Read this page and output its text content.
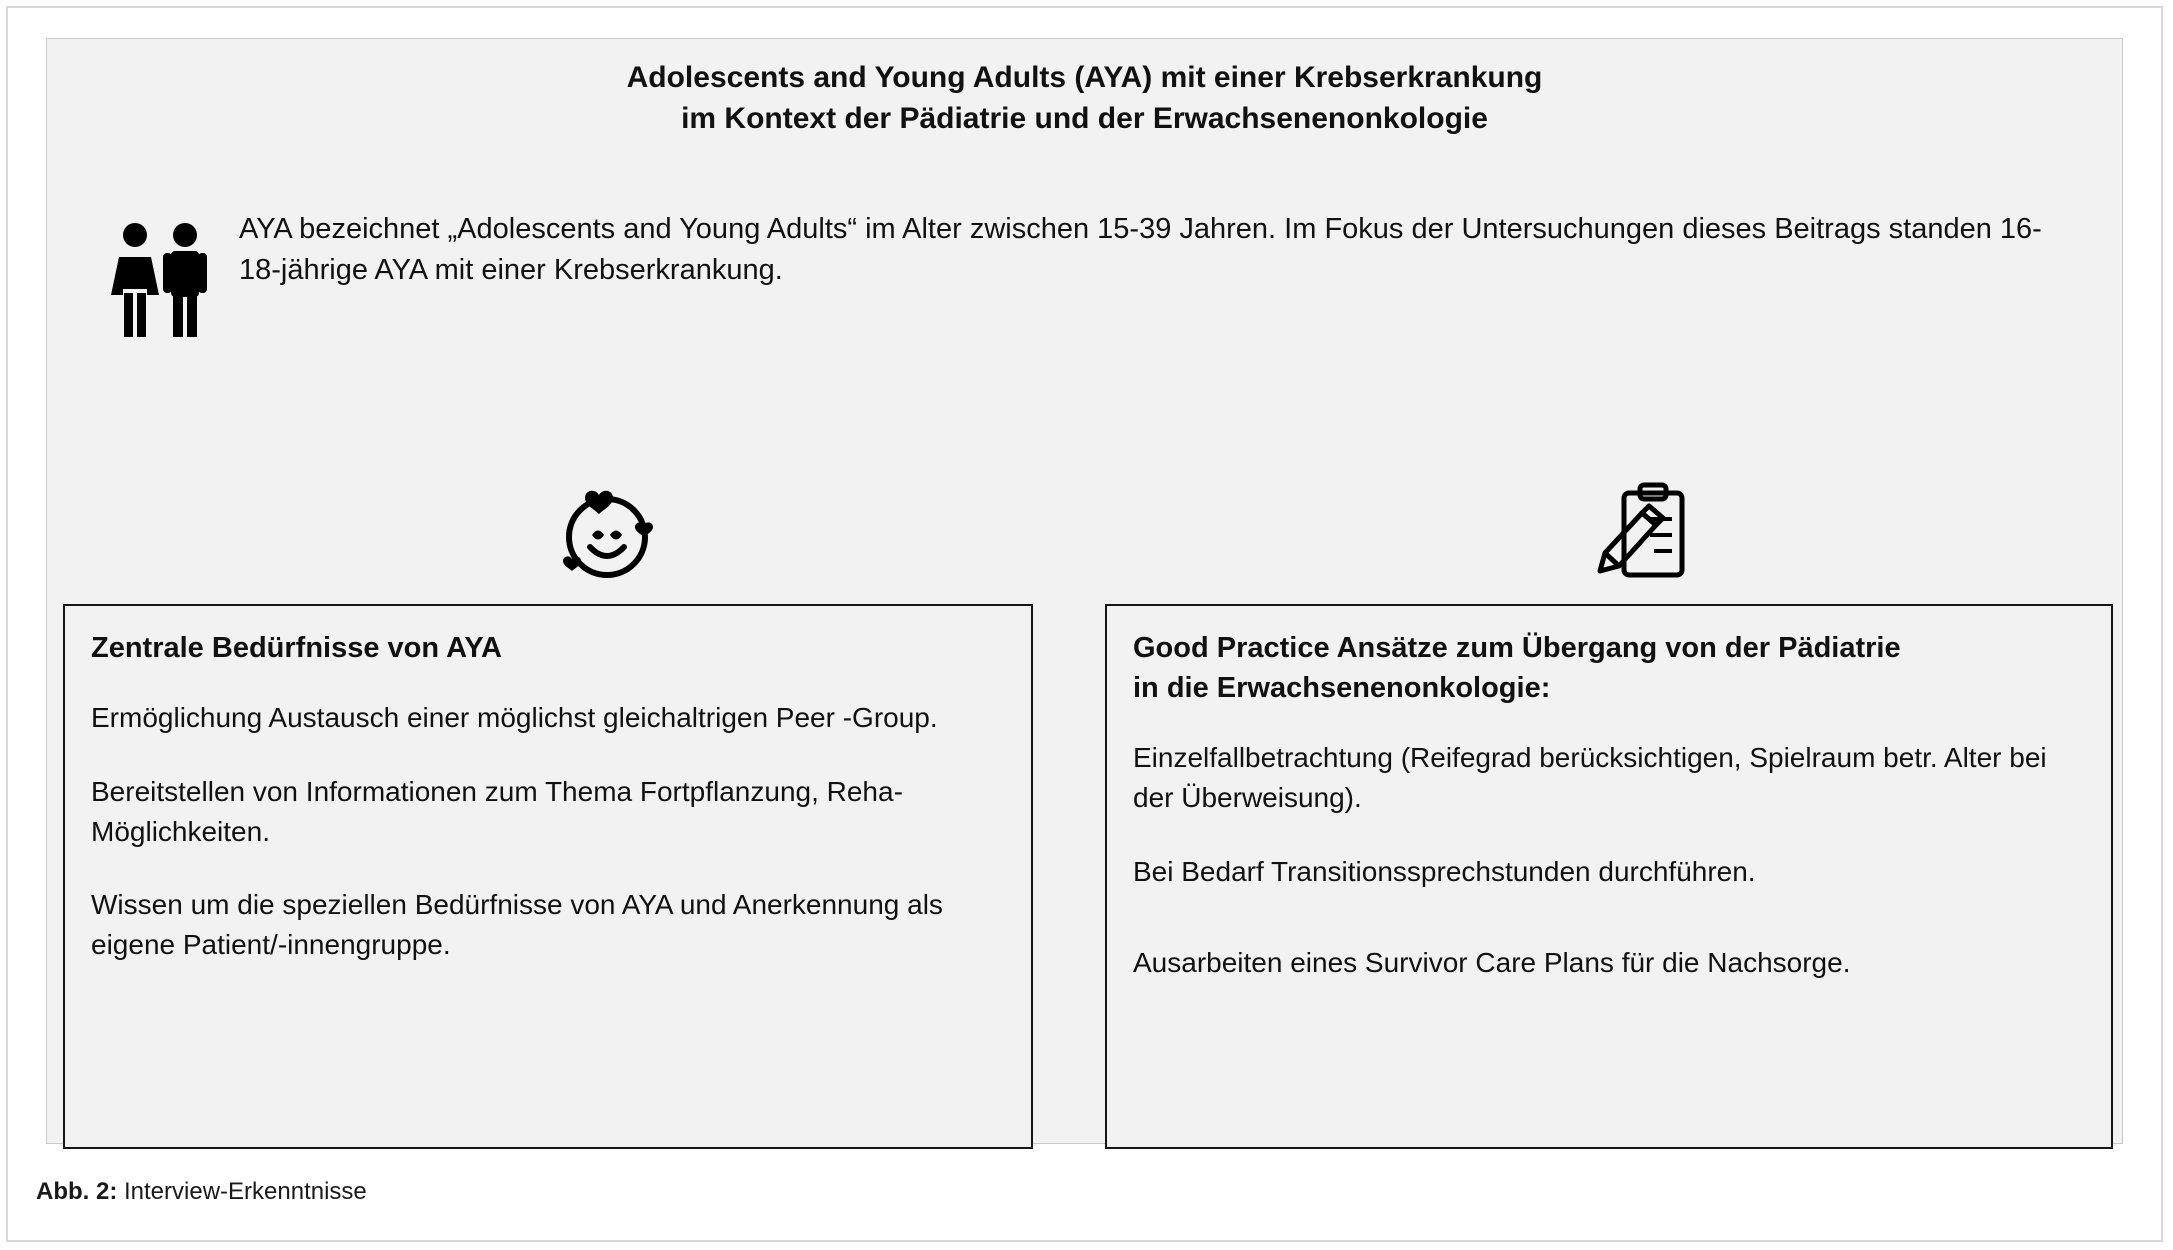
Adolescents and Young Adults (AYA) mit einer Krebserkrankung
im Kontext der Pädiatrie und der Erwachsenenonkologie
AYA bezeichnet „Adolescents and Young Adults“ im Alter zwischen 15-39 Jahren. Im Fokus der Untersuchungen dieses Beitrags standen 16-18-jährige AYA mit einer Krebserkrankung.
Zentrale Bedürfnisse von AYA

Ermöglichung Austausch einer möglichst gleichaltrigen Peer -Group.

Bereitstellen von Informationen zum Thema Fortpflanzung, Reha-Möglichkeiten.

Wissen um die speziellen Bedürfnisse von AYA und Anerkennung als eigene Patient/-innengruppe.

Good Practice Ansätze zum Übergang von der Pädiatrie
in die Erwachsenenonkologie:

Einzelfallbetrachtung (Reifegrad berücksichtigen, Spielraum betr. Alter bei der Überweisung).

Bei Bedarf Transitionssprechstunden durchführen.

Ausarbeiten eines Survivor Care Plans für die Nachsorge.

Abb. 2: Interview-Erkenntnisse
